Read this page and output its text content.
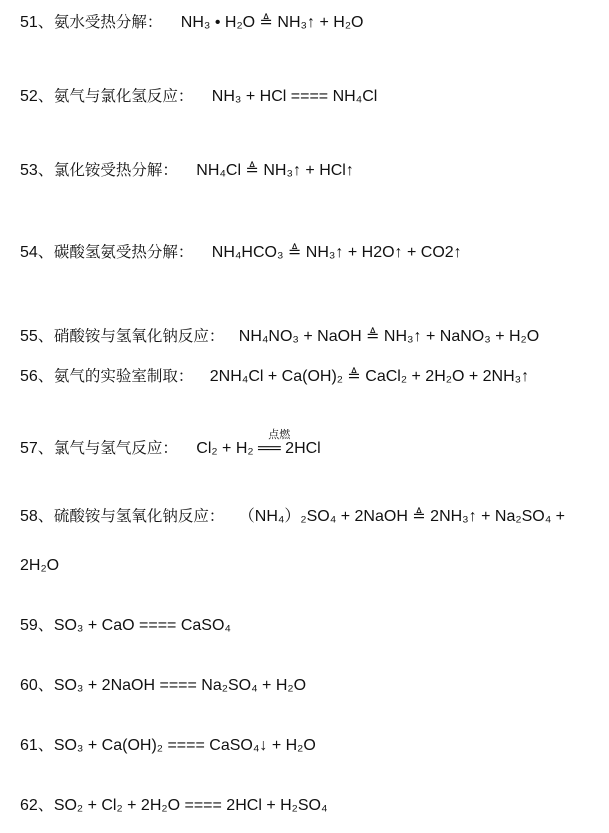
51、氨水受热分解： NH₃ • H₂O ≜ NH₃↑ + H₂O
52、氨气与氯化氢反应： NH₃ + HCl ==== NH₄Cl
53、氯化铵受热分解： NH₄Cl ≜ NH₃↑ + HCl↑
54、碳酸氢氨受热分解： NH₄HCO₃ ≜ NH₃↑ + H2O↑ + CO2↑
55、硝酸铵与氢氧化钠反应： NH₄NO₃ + NaOH ≜ NH₃↑ + NaNO₃ + H₂O
56、氨气的实验室制取： 2NH₄Cl + Ca(OH)₂ ≜ CaCl₂ + 2H₂O + 2NH₃↑
57、氯气与氢气反应：
点燃
Cl₂ + H₂ ══ 2HCl
58、硫酸铵与氢氧化钠反应： （NH₄）₂SO₄ + 2NaOH ≜ 2NH₃↑ + Na₂SO₄ +
2H₂O
59、SO₃ + CaO ==== CaSO₄
60、SO₃ + 2NaOH ==== Na₂SO₄ + H₂O
61、SO₃ + Ca(OH)₂ ==== CaSO₄↓ + H₂O
62、SO₂ + Cl₂ + 2H₂O ==== 2HCl + H₂SO₄
